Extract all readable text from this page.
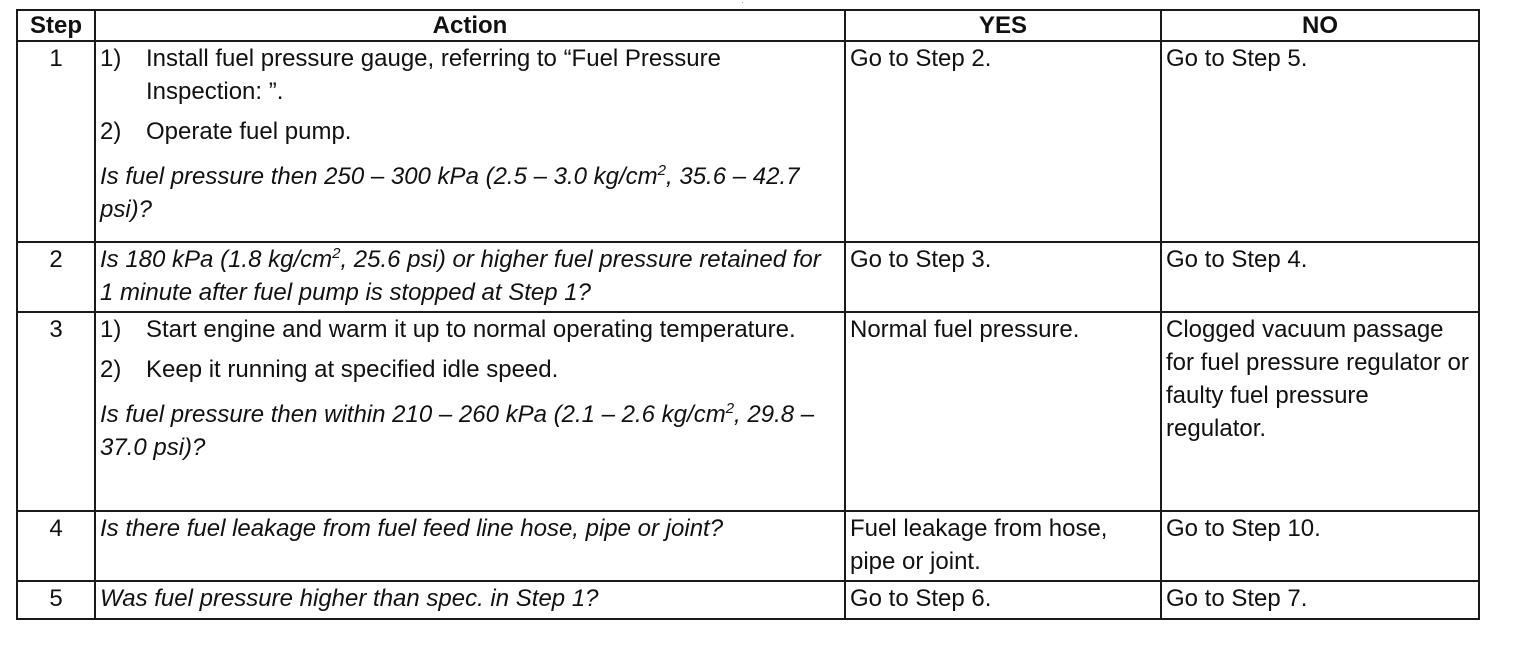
Step	Action	YES	NO
1	1) Install fuel pressure gauge, referring to “Fuel Pressure Inspection: ”.
2) Operate fuel pump.
Is fuel pressure then 250 – 300 kPa (2.5 – 3.0 $kg/cm^2$, 35.6 – 42.7 psi)?	Go to Step 2.	Go to Step 5.
2	Is 180 kPa (1.8 $kg/cm^2$, 25.6 psi) or higher fuel pressure retained for 1 minute after fuel pump is stopped at Step 1?	Go to Step 3.	Go to Step 4.
3	1) Start engine and warm it up to normal operating temperature.
2) Keep it running at specified idle speed.
Is fuel pressure then within 210 – 260 kPa (2.1 – 2.6 $kg/cm^2$, 29.8 – 37.0 psi)?	Normal fuel pressure.	Clogged vacuum passage for fuel pressure regulator or faulty fuel pressure regulator.
4	Is there fuel leakage from fuel feed line hose, pipe or joint?	Fuel leakage from hose, pipe or joint.	Go to Step 10.
5	Was fuel pressure higher than spec. in Step 1?	Go to Step 6.	Go to Step 7.
